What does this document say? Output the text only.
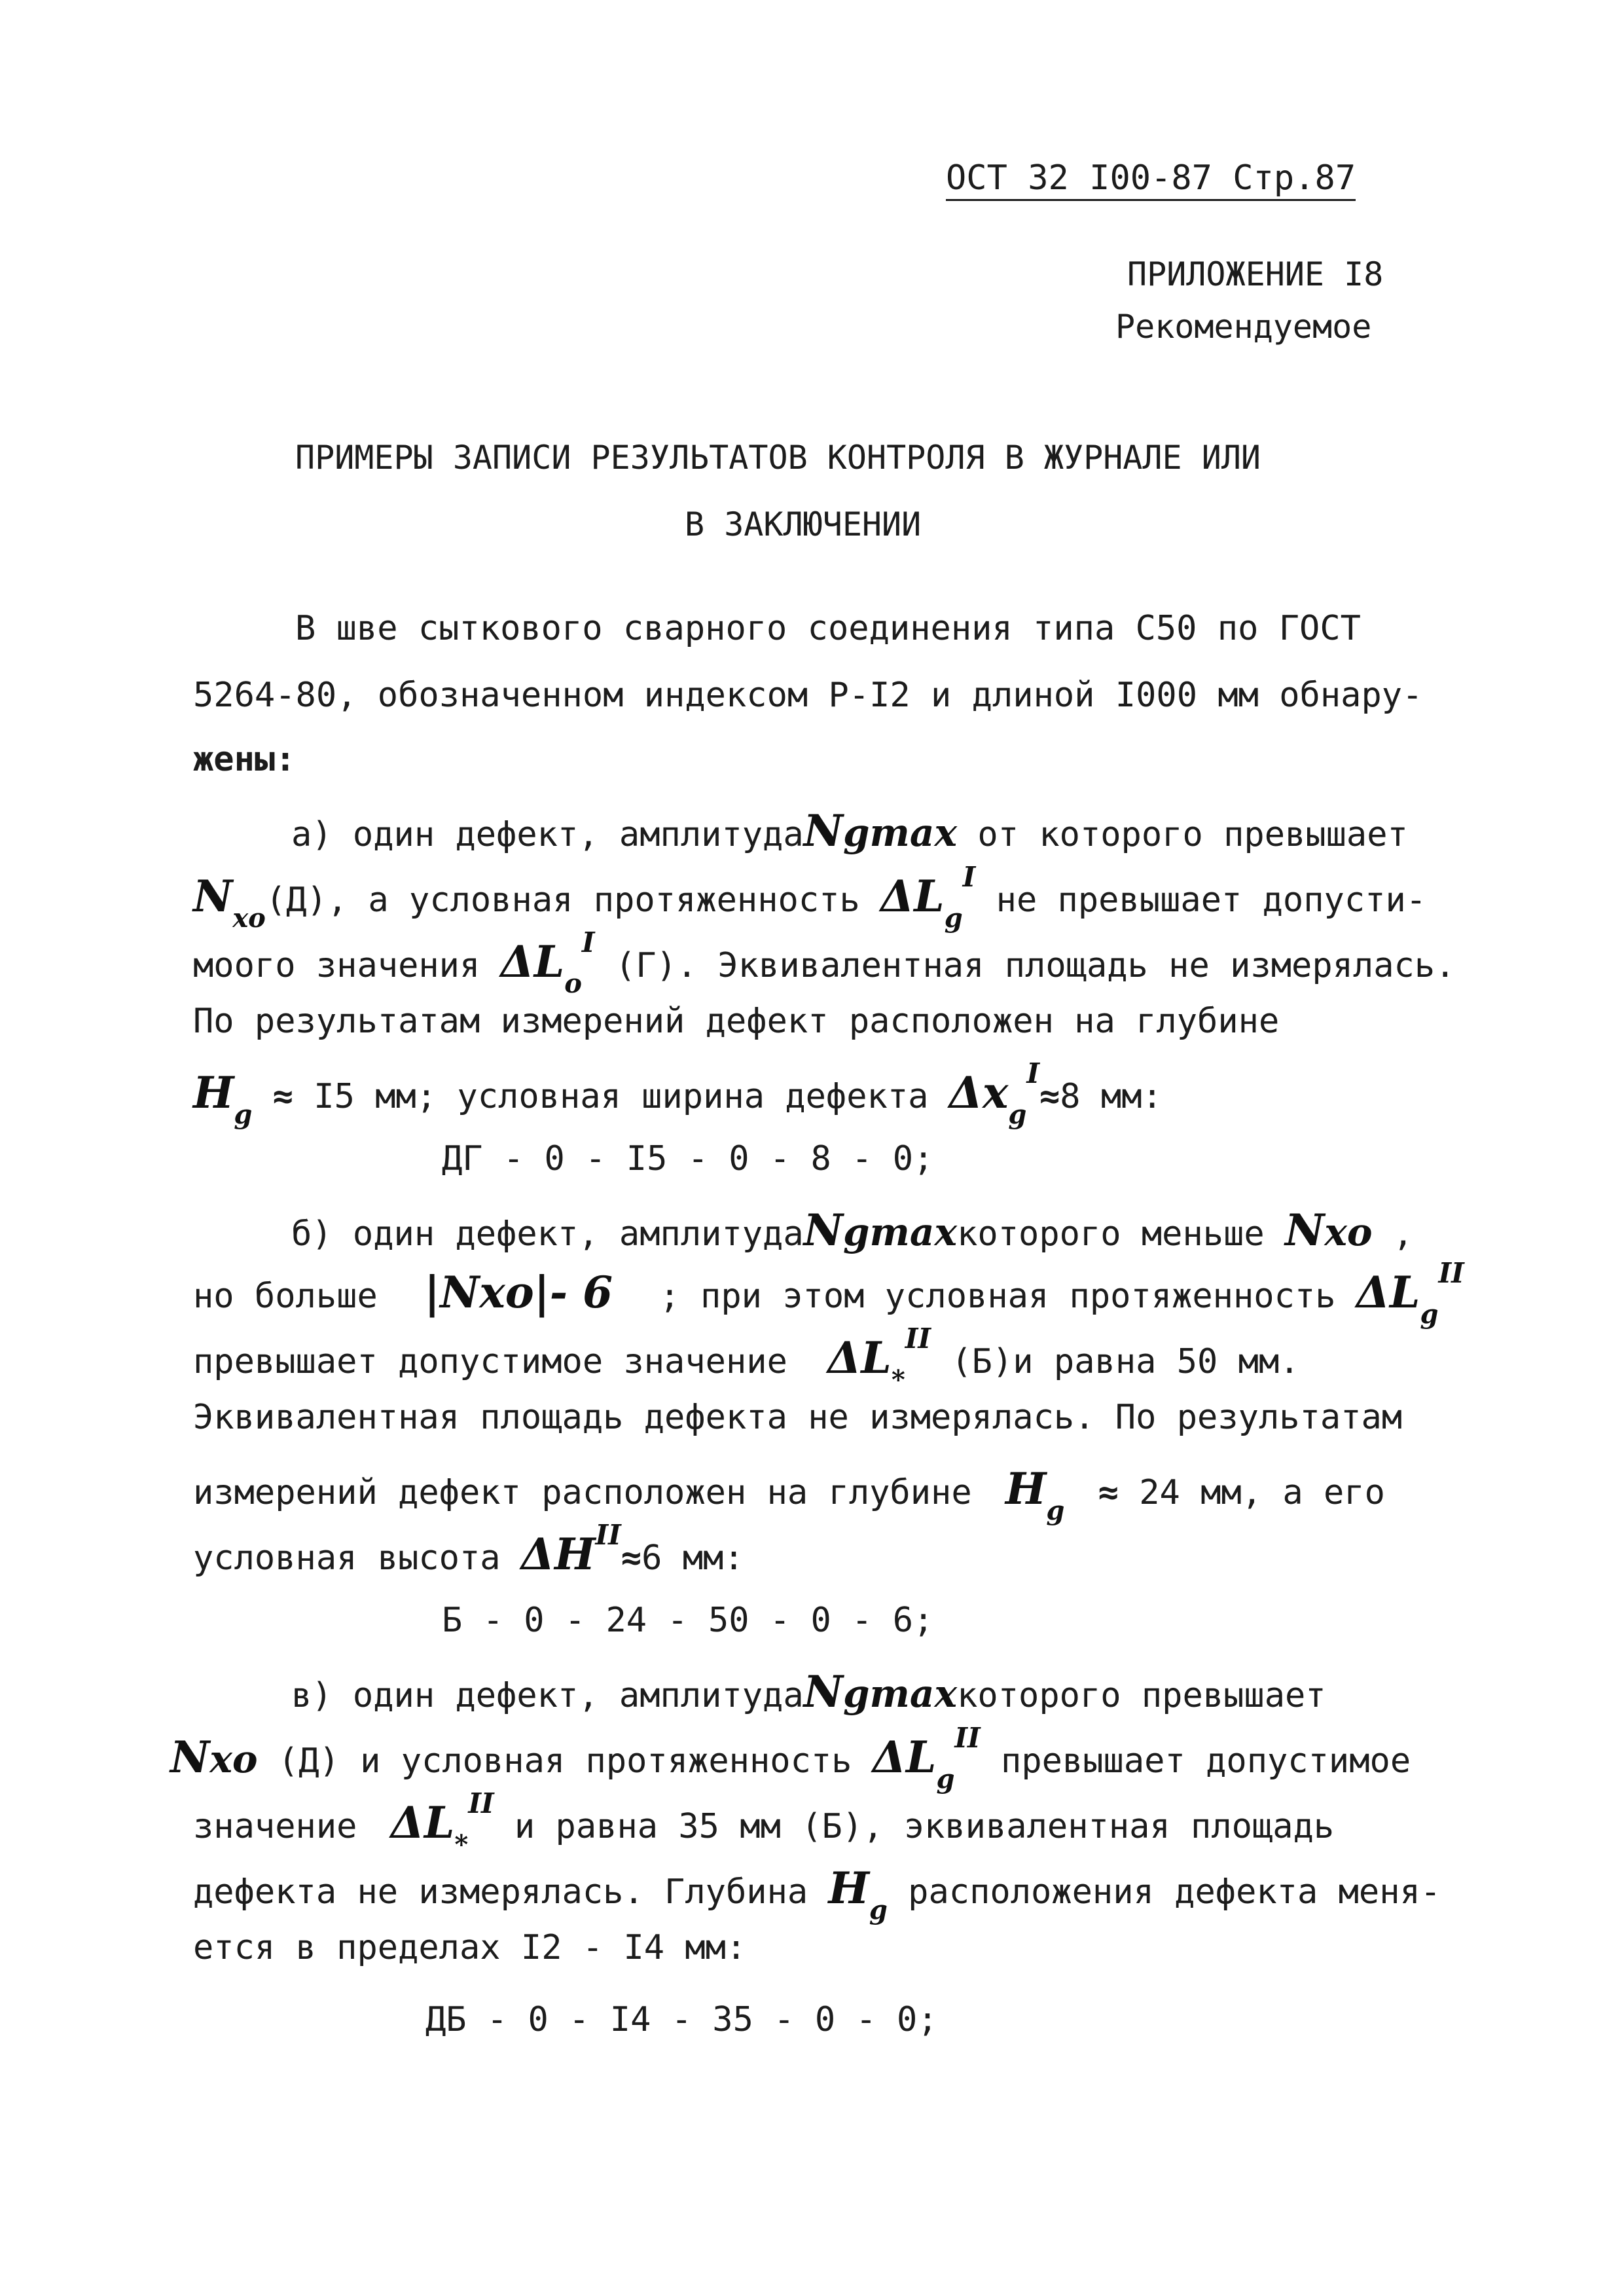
ОСТ 32 I00-87 Стр.87
ПРИЛОЖЕНИЕ I8
Рекомендуемое
ПРИМЕРЫ ЗАПИСИ РЕЗУЛЬТАТОВ КОНТРОЛЯ В ЖУРНАЛЕ ИЛИ
В ЗАКЛЮЧЕНИИ
В шве сыткового сварного соединения типа С50 по ГОСТ
5264-80, обозначенном индексом Р-I2 и длиной I000 мм обнару-
жены:
а) один дефект, амплитудаNgmax от которого превышает
$N_{xo}(Д)$, а условная протяженность $\Delta L_g^I$ не превышает допусти-
моого значения $\Delta L_o^I$ (Г). Эквивалентная площадь не измерялась.
По результатам измерений дефект расположен на глубине
$H_g \approx I5$ мм; условная ширина дефекта $\Delta x_g^I\approx 8$ мм:
ДГ - 0 - I5 - 0 - 8 - 0;
б) один дефект, амплитудаNgmaxкоторого меньше Nxo ,
но больше |Nxo|- 6 ; при этом условная протяженность $\Delta L_g^{II}$
превышает допустимое значение $\Delta L_*^{II}$ (Б)и равна 50 мм.
Эквивалентная площадь дефекта не измерялась. По результатам
измерений дефект расположен на глубине $H_g \approx 24$ мм, а его
условная высота $\Delta H^{II}\approx 6$ мм:
Б - 0 - 24 - 50 - 0 - 6;
в) один дефект, амплитудаNgmaxкоторого превышает
Nxo (Д) и условная протяженность $\Delta L_g^{II}$ превышает допустимое
значение $\Delta L_*^{II}$ и равна 35 мм (Б), эквивалентная площадь
дефекта не измерялась. Глубина $H_g$ расположения дефекта меня-
ется в пределах I2 - I4 мм:
ДБ - 0 - I4 - 35 - 0 - 0;
